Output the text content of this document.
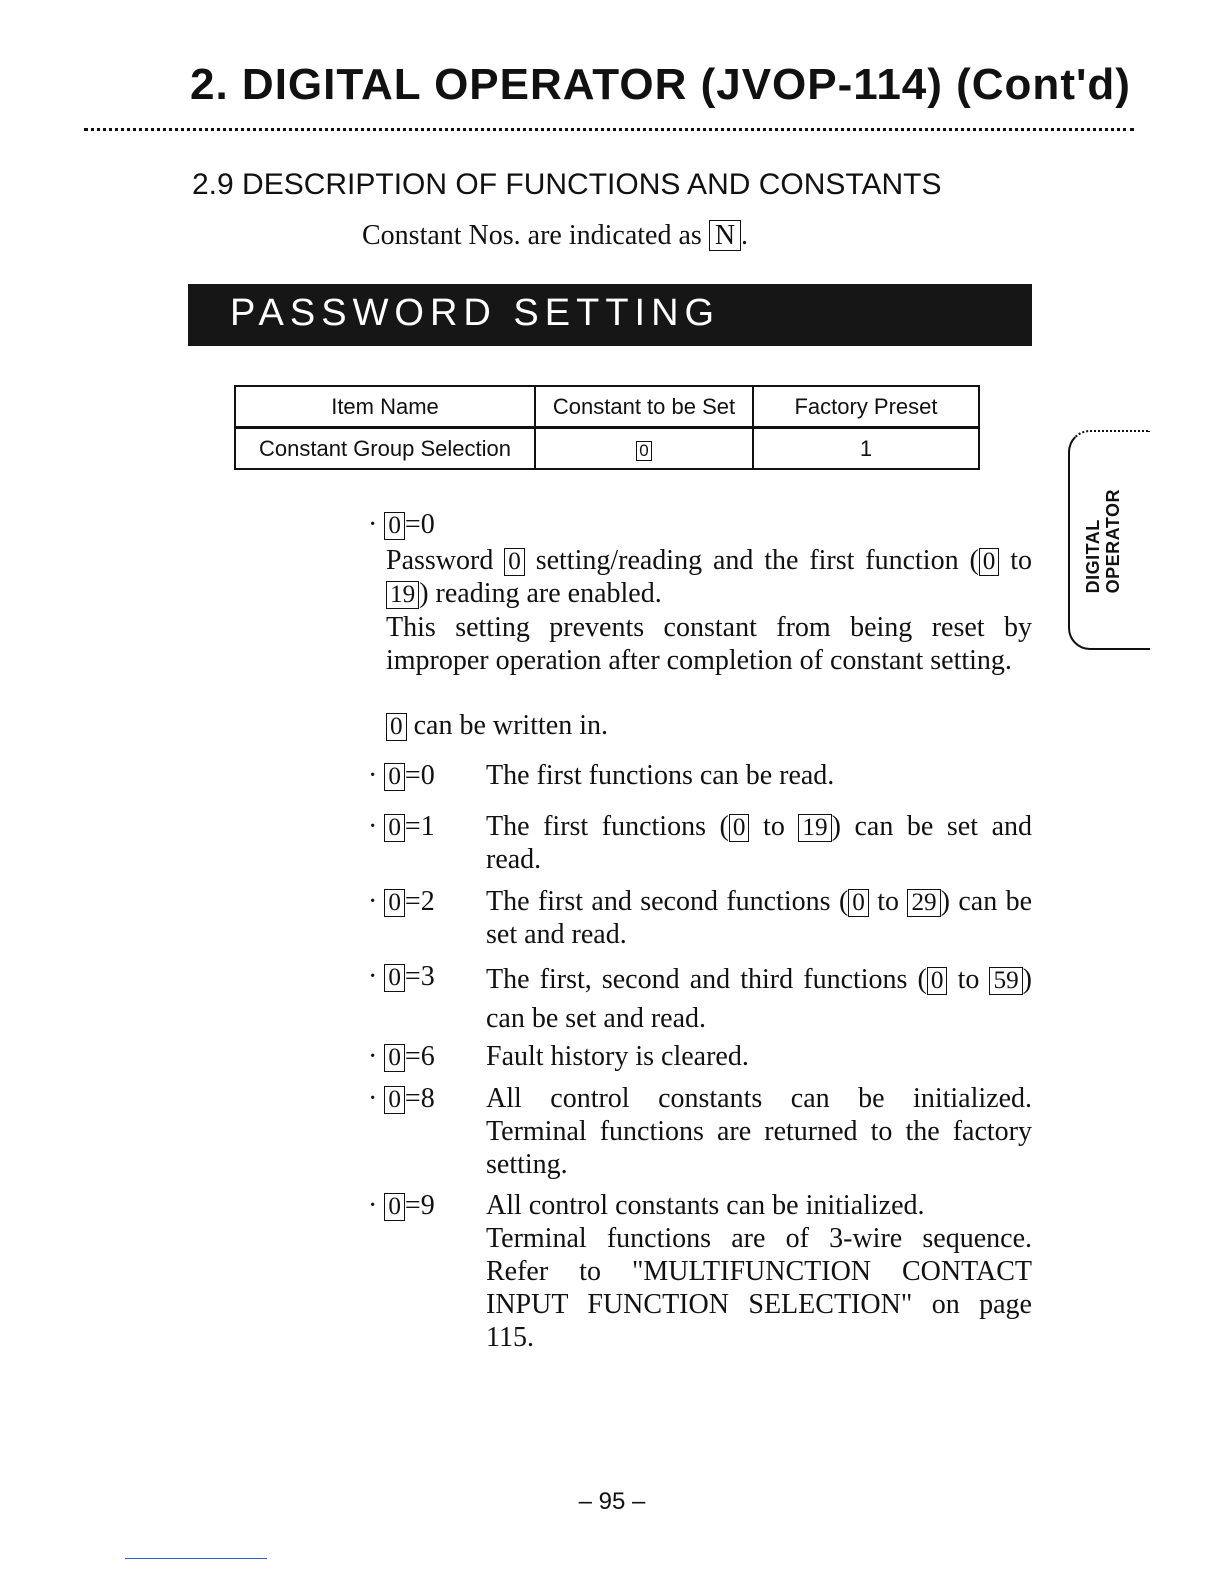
2. DIGITAL OPERATOR (JVOP-114) (Cont'd)
2.9 DESCRIPTION OF FUNCTIONS AND CONSTANTS
Constant Nos. are indicated as N .
PASSWORD SETTING
Item Name	Constant to be Set	Factory Preset
Constant Group Selection	0	1
DIGITAL OPERATOR
· 0 =0
Password 0 setting/reading and the first function ( 0 to 19 ) reading are enabled.
This setting prevents constant from being reset by improper operation after completion of constant setting.
0 can be written in.
· 0 =0 The first functions can be read.
· 0 =1 The first functions ( 0 to 19 ) can be set and read.
· 0 =2 The first and second functions ( 0 to 29 ) can be set and read.
· 0 =3 The first, second and third functions ( 0 to 59 ) can be set and read.
· 0 =6 Fault history is cleared.
· 0 =8 All control constants can be initialized.
Terminal functions are returned to the factory setting.
· 0 =9 All control constants can be initialized.
Terminal functions are of 3-wire sequence. Refer to "MULTIFUNCTION CONTACT INPUT FUNCTION SELECTION" on page 115.
– 95 –
